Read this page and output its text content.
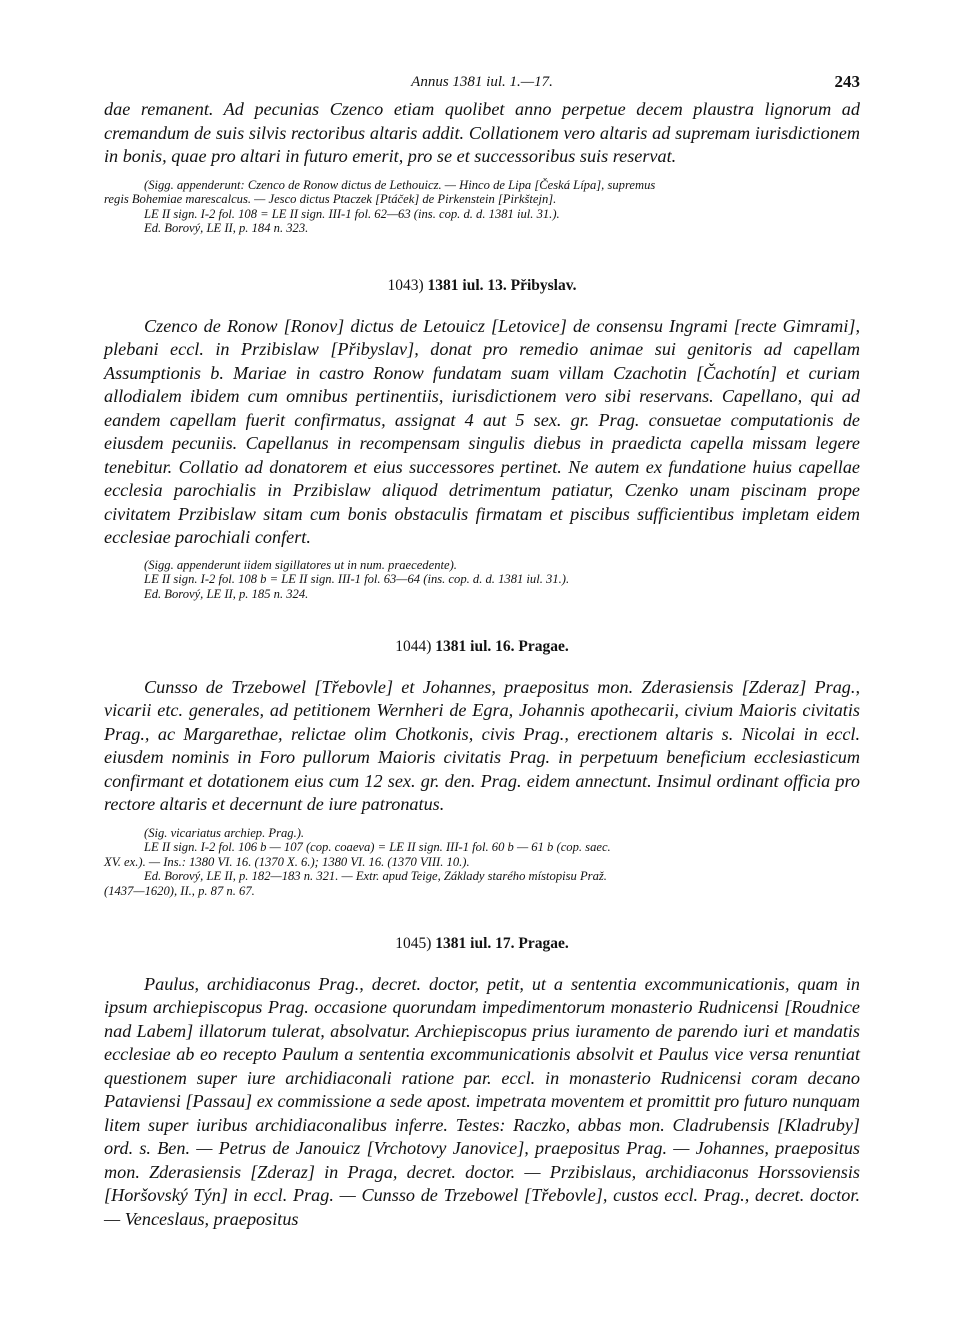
Annus 1381 iul. 1.—17.	243

dae remanent. Ad pecunias Czenco etiam quolibet anno perpetue decem plaustra lignorum ad cremandum de suis silvis rectoribus altaris addit. Collationem vero altaris ad supremam iurisdictionem in bonis, quae pro altari in futuro emerit, pro se et successoribus suis reservat.

(Sigg. appenderunt: Czenco de Ronow dictus de Lethouicz. — Hinco de Lipa [Česká Lípa], supremus
regis Bohemiae marescalcus. — Jesco dictus Ptaczek [Ptáček] de Pirkenstein [Pirkštejn].
LE II sign. I-2 fol. 108 = LE II sign. III-1 fol. 62—63 (ins. cop. d. d. 1381 iul. 31.).
Ed. Borový, LE II, p. 184 n. 323.
1043) 1381 iul. 13. Přibyslav.

Czenco de Ronow [Ronov] dictus de Letouicz [Letovice] de consensu Ingrami [recte Gimrami], plebani eccl. in Przibislaw [Přibyslav], donat pro remedio animae sui genitoris ad capellam Assumptionis b. Mariae in castro Ronow fundatam suam villam Czachotin [Čachotín] et curiam allodialem ibidem cum omnibus pertinentiis, iurisdictionem vero sibi reservans. Capellano, qui ad eandem capellam fuerit confirmatus, assignat 4 aut 5 sex. gr. Prag. consuetae computationis de eiusdem pecuniis. Capellanus in recompensam singulis diebus in praedicta capella missam legere tenebitur. Collatio ad donatorem et eius successores pertinet. Ne autem ex fundatione huius capellae ecclesia parochialis in Przibislaw aliquod detrimentum patiatur, Czenko unam piscinam prope civitatem Przibislaw sitam cum bonis obstaculis firmatam et piscibus sufficientibus impletam eidem ecclesiae parochiali confert.

(Sigg. appenderunt iidem sigillatores ut in num. praecedente).
LE II sign. I-2 fol. 108 b = LE II sign. III-1 fol. 63—64 (ins. cop. d. d. 1381 iul. 31.).
Ed. Borový, LE II, p. 185 n. 324.
1044) 1381 iul. 16. Pragae.

Cunsso de Trzebowel [Třebovle] et Johannes, praepositus mon. Zderasiensis [Zderaz] Prag., vicarii etc. generales, ad petitionem Wernheri de Egra, Johannis apothecarii, civium Maioris civitatis Prag., ac Margarethae, relictae olim Chotkonis, civis Prag., erectionem altaris s. Nicolai in eccl. eiusdem nominis in Foro pullorum Maioris civitatis Prag. in perpetuum beneficium ecclesiasticum confirmant et dotationem eius cum 12 sex. gr. den. Prag. eidem annectunt. Insimul ordinant officia pro rectore altaris et decernunt de iure patronatus.

(Sig. vicariatus archiep. Prag.).
LE II sign. I-2 fol. 106 b — 107 (cop. coaeva) = LE II sign. III-1 fol. 60 b — 61 b (cop. saec.
XV. ex.). — Ins.: 1380 VI. 16. (1370 X. 6.); 1380 VI. 16. (1370 VIII. 10.).
Ed. Borový, LE II, p. 182—183 n. 321. — Extr. apud Teige, Základy starého místopisu Praž.
(1437—1620), II., p. 87 n. 67.
1045) 1381 iul. 17. Pragae.

Paulus, archidiaconus Prag., decret. doctor, petit, ut a sententia excommunicationis, quam in ipsum archiepiscopus Prag. occasione quorundam impedimentorum monasterio Rudnicensi [Roudnice nad Labem] illatorum tulerat, absolvatur. Archiepiscopus prius iuramento de parendo iuri et mandatis ecclesiae ab eo recepto Paulum a sententia excommunicationis absolvit et Paulus vice versa renuntiat questionem super iure archidiaconali ratione par. eccl. in monasterio Rudnicensi coram decano Pataviensi [Passau] ex commissione a sede apost. impetrata moventem et promittit pro futuro nunquam litem super iuribus archidiaconalibus inferre. Testes: Raczko, abbas mon. Cladrubensis [Kladruby] ord. s. Ben. — Petrus de Janouicz [Vrchotovy Janovice], praepositus Prag. — Johannes, praepositus mon. Zderasiensis [Zderaz] in Praga, decret. doctor. — Przibislaus, archidiaconus Horssoviensis [Horšovský Týn] in eccl. Prag. — Cunsso de Trzebowel [Třebovle], custos eccl. Prag., decret. doctor. — Venceslaus, praepositus
